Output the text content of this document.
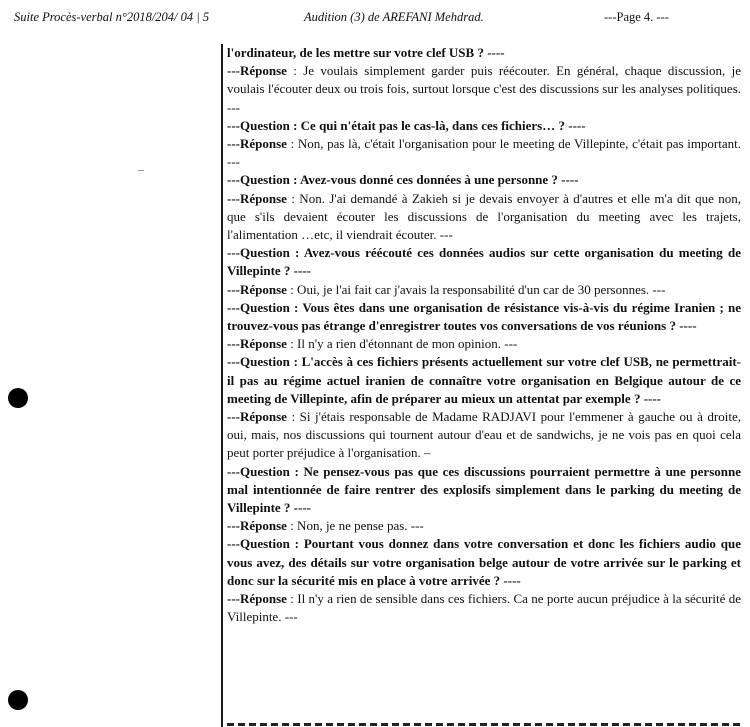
Suite Procès-verbal n°2018/204/ 04 | 5	Audition (3) de AREFANI Mehdrad.	---Page 4. ---

l'ordinateur, de les mettre sur votre clef USB ? ----

---Réponse : Je voulais simplement garder puis réécouter. En général, chaque discussion, je voulais l'écouter deux ou trois fois, surtout lorsque c'est des discussions sur les analyses politiques. ---

---Question : Ce qui n'était pas le cas-là, dans ces fichiers… ? ----

---Réponse : Non, pas là, c'était l'organisation pour le meeting de Villepinte, c'était pas important. ---

---Question : Avez-vous donné ces données à une personne ? ----

---Réponse : Non. J'ai demandé à Zakieh si je devais envoyer à d'autres et elle m'a dit que non, que s'ils devaient écouter les discussions de l'organisation du meeting avec les trajets, l'alimentation …etc, il viendrait écouter. ---

---Question : Avez-vous réécouté ces données audios sur cette organisation du meeting de Villepinte ? ----

---Réponse : Oui, je l'ai fait car j'avais la responsabilité d'un car de 30 personnes. ---

---Question : Vous êtes dans une organisation de résistance vis-à-vis du régime Iranien ; ne trouvez-vous pas étrange d'enregistrer toutes vos conversations de vos réunions ? ----

---Réponse : Il n'y a rien d'étonnant de mon opinion. ---

---Question : L'accès à ces fichiers présents actuellement sur votre clef USB, ne permettrait-il pas au régime actuel iranien de connaître votre organisation en Belgique autour de ce meeting de Villepinte, afin de préparer au mieux un attentat par exemple ? ----

---Réponse : Si j'étais responsable de Madame RADJAVI pour l'emmener à gauche ou à droite, oui, mais, nos discussions qui tournent autour d'eau et de sandwichs, je ne vois pas en quoi cela peut porter préjudice à l'organisation. –

---Question : Ne pensez-vous pas que ces discussions pourraient permettre à une personne mal intentionnée de faire rentrer des explosifs simplement dans le parking du meeting de Villepinte ? ----

---Réponse : Non, je ne pense pas. ---

---Question : Pourtant vous donnez dans votre conversation et donc les fichiers audio que vous avez, des détails sur votre organisation belge autour de votre arrivée sur le parking et donc sur la sécurité mis en place à votre arrivée ? ----

---Réponse : Il n'y a rien de sensible dans ces fichiers. Ca ne porte aucun préjudice à la sécurité de Villepinte. ---
